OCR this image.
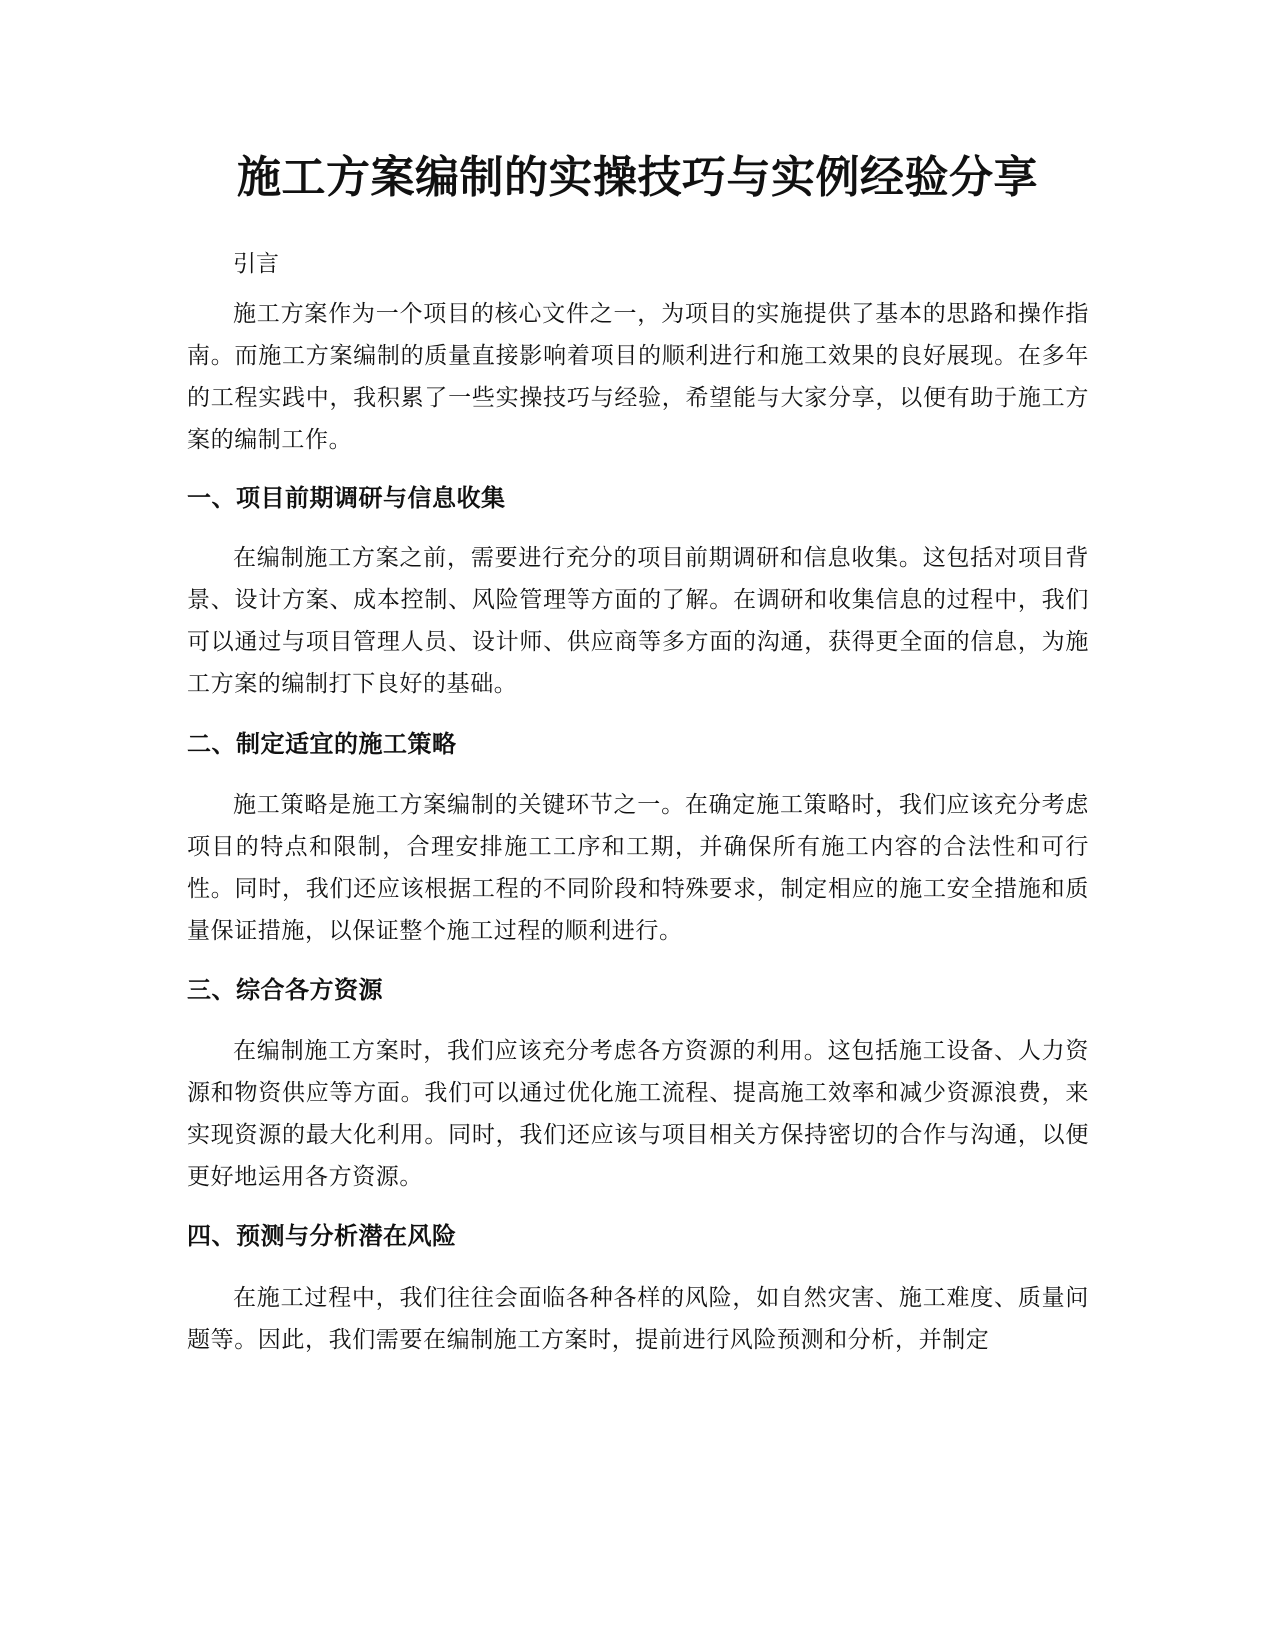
施工方案编制的实操技巧与实例经验分享

引言

施工方案作为一个项目的核心文件之一，为项目的实施提供了基本的思路和操作指南。而施工方案编制的质量直接影响着项目的顺利进行和施工效果的良好展现。在多年的工程实践中，我积累了一些实操技巧与经验，希望能与大家分享，以便有助于施工方案的编制工作。

一、项目前期调研与信息收集

在编制施工方案之前，需要进行充分的项目前期调研和信息收集。这包括对项目背景、设计方案、成本控制、风险管理等方面的了解。在调研和收集信息的过程中，我们可以通过与项目管理人员、设计师、供应商等多方面的沟通，获得更全面的信息，为施工方案的编制打下良好的基础。

二、制定适宜的施工策略

施工策略是施工方案编制的关键环节之一。在确定施工策略时，我们应该充分考虑项目的特点和限制，合理安排施工工序和工期，并确保所有施工内容的合法性和可行性。同时，我们还应该根据工程的不同阶段和特殊要求，制定相应的施工安全措施和质量保证措施，以保证整个施工过程的顺利进行。

三、综合各方资源

在编制施工方案时，我们应该充分考虑各方资源的利用。这包括施工设备、人力资源和物资供应等方面。我们可以通过优化施工流程、提高施工效率和减少资源浪费，来实现资源的最大化利用。同时，我们还应该与项目相关方保持密切的合作与沟通，以便更好地运用各方资源。

四、预测与分析潜在风险

在施工过程中，我们往往会面临各种各样的风险，如自然灾害、施工难度、质量问题等。因此，我们需要在编制施工方案时，提前进行风险预测和分析，并制定
